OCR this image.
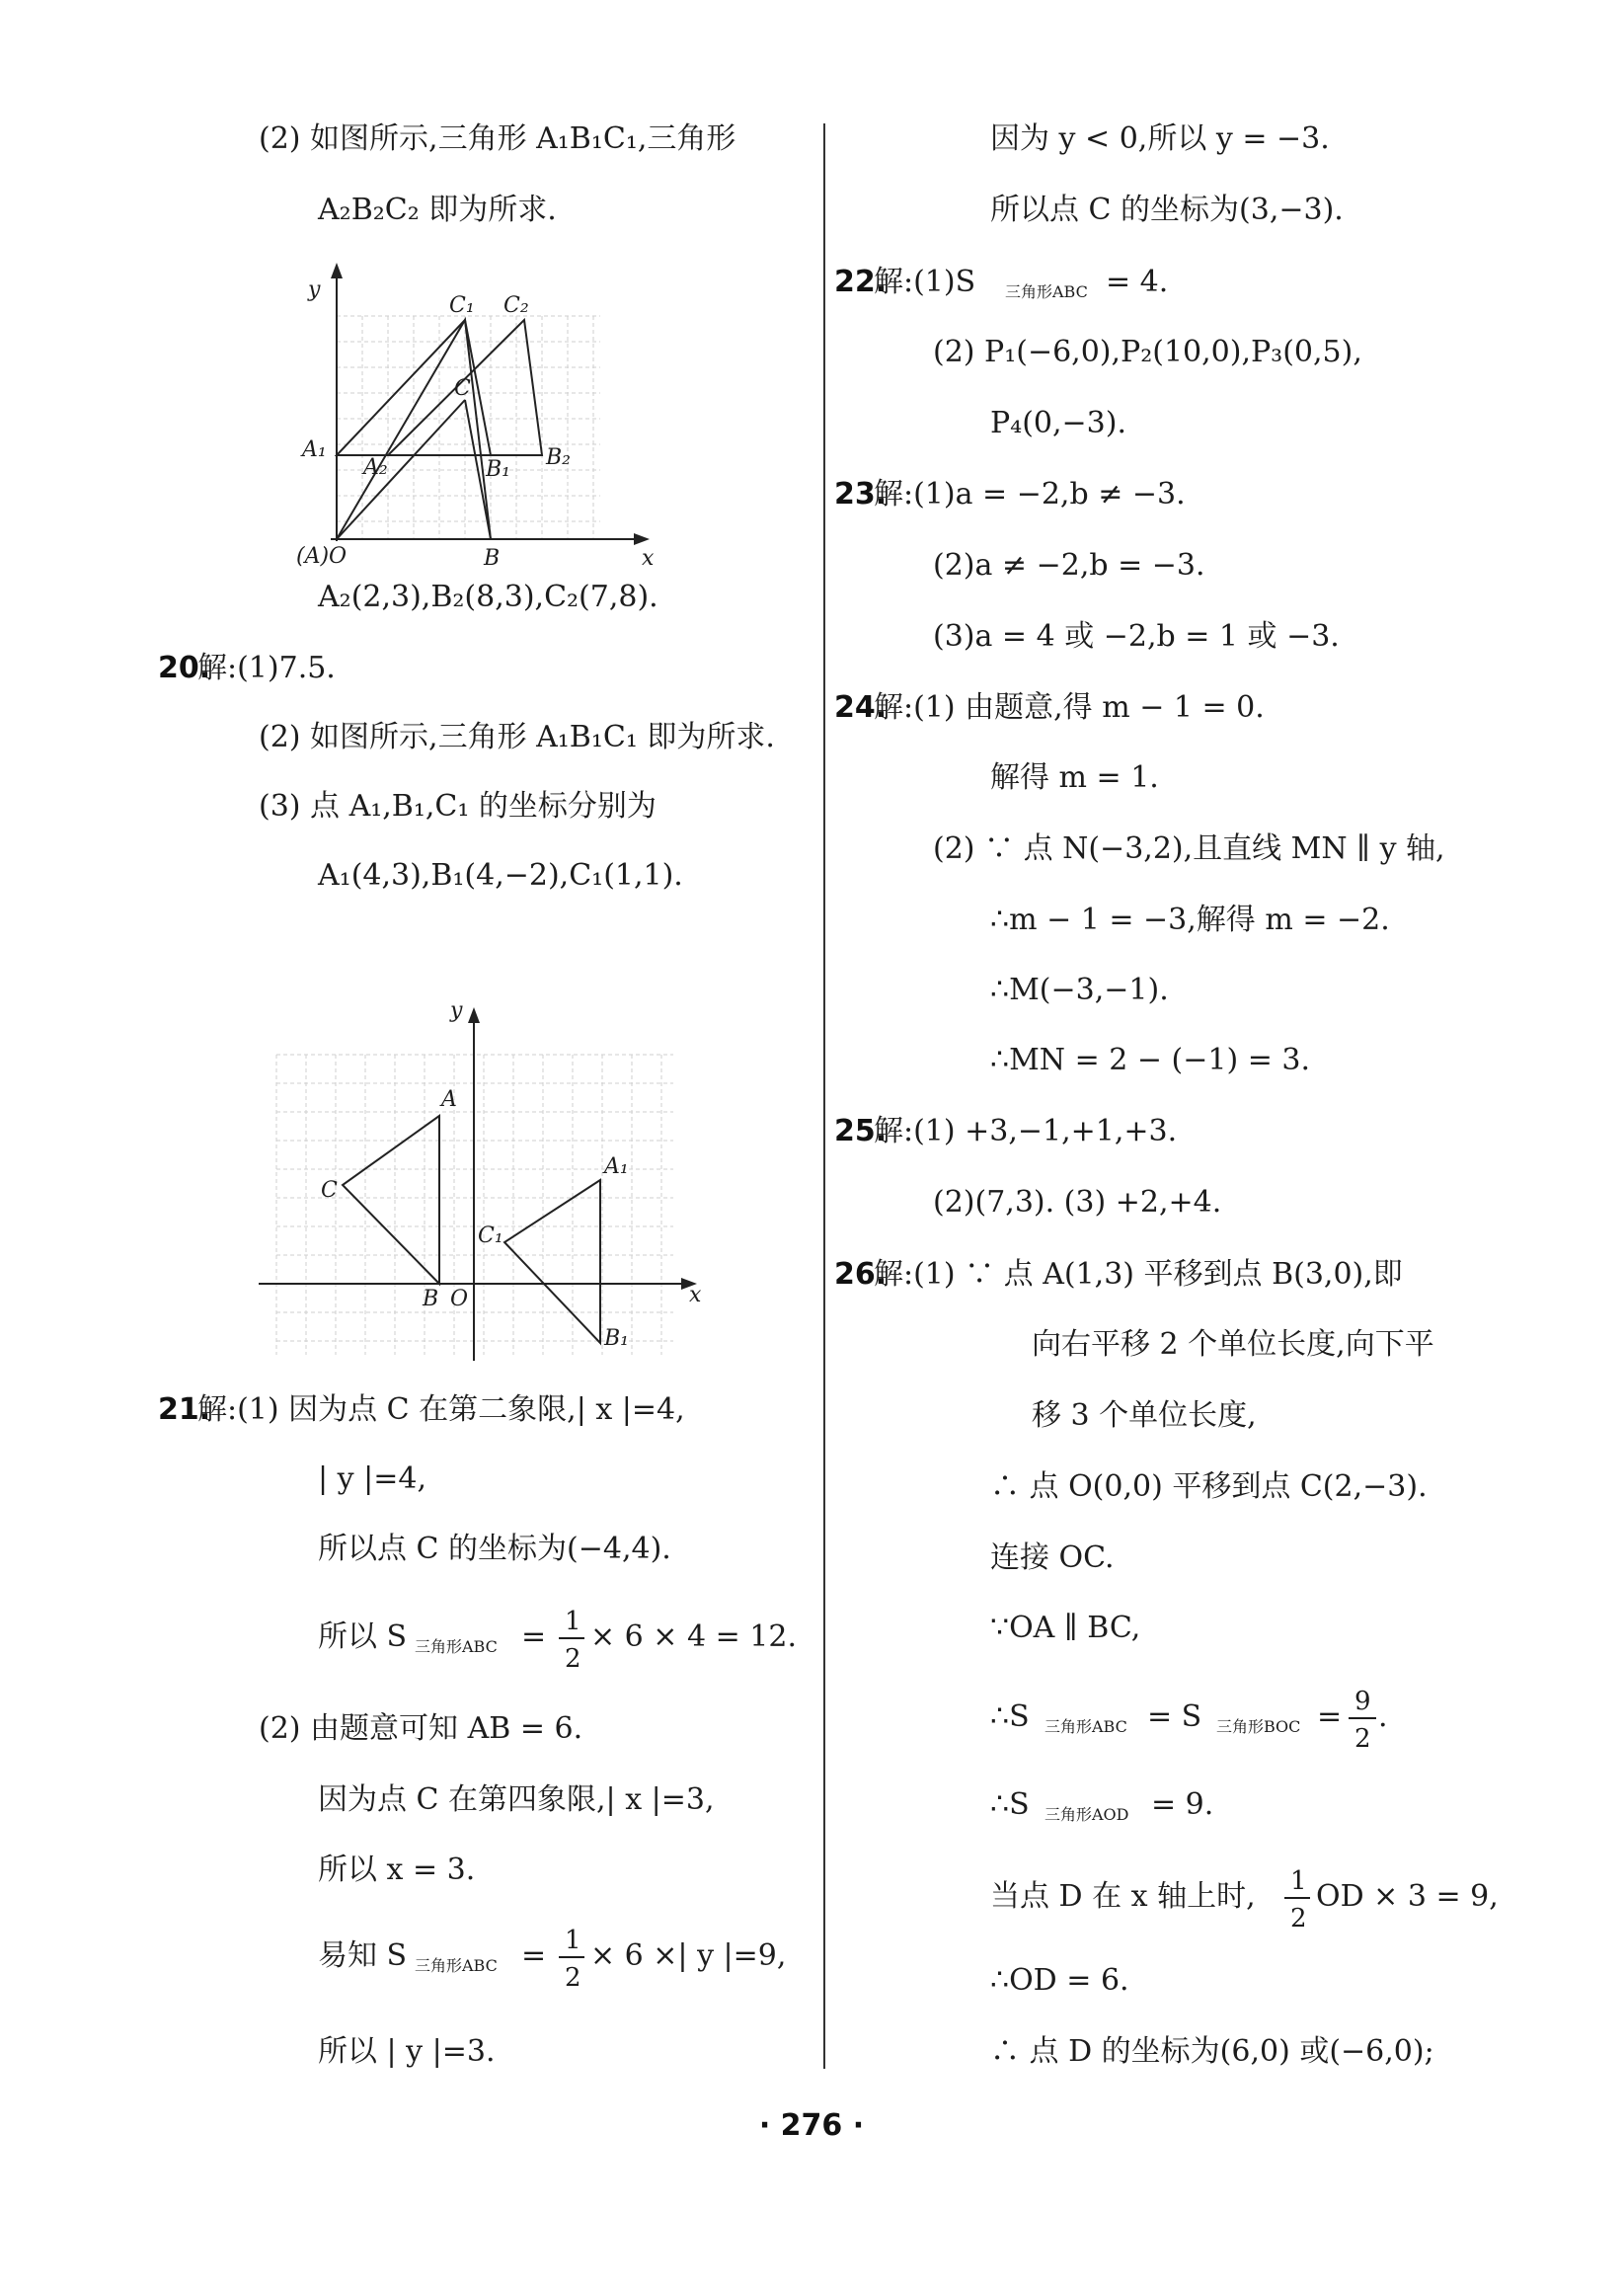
(2) 如图所示,三角形 A₁B₁C₁,三角形
A₂B₂C₂ 即为所求.
y
x
(A)O
C₁ C₂
C
A₁
A₂	B₁ B₂
B
A₂(2,3),B₂(8,3),C₂(7,8).
20.
解:(1)7.5.
(2) 如图所示,三角形 A₁B₁C₁ 即为所求.
(3) 点 A₁,B₁,C₁ 的坐标分别为
A₁(4,3),B₁(4,−2),C₁(1,1).
y
x
O
A
C
B
A₁
C₁
B₁
21.
解:(1) 因为点 C 在第二象限,| x |=4,
| y |=4,
所以点 C 的坐标为(−4,4).
所以 S 三角形ABC = 1
2
× 6 × 4 = 12.
(2) 由题意可知 AB = 6.
因为点 C 在第四象限,| x |=3,
所以 x = 3.
易知 S 三角形ABC = 1
2
× 6 ×| y |=9,
所以 | y |=3.
因为 y < 0,所以 y = −3.
所以点 C 的坐标为(3,−3).
22.
解:(1)S 三角形ABC = 4.
(2) P₁(−6,0),P₂(10,0),P₃(0,5),
P₄(0,−3).
23.
解:(1)a = −2,b ≠ −3.
(2)a ≠ −2,b = −3.
(3)a = 4 或 −2,b = 1 或 −3.
24.
解:(1) 由题意,得 m − 1 = 0.
解得 m = 1.
(2) ∵ 点 N(−3,2),且直线 MN ∥ y 轴,
∴m − 1 = −3,解得 m = −2.
∴M(−3,−1).
∴MN = 2 − (−1) = 3.
25.
解:(1) +3,−1,+1,+3.
(2)(7,3). (3) +2,+4.
26.
解:(1) ∵ 点 A(1,3) 平移到点 B(3,0),即
向右平移 2 个单位长度,向下平
移 3 个单位长度,
∴ 点 O(0,0) 平移到点 C(2,−3).
连接 OC.
∵OA ∥ BC,
∴S 三角形ABC = S 三角形BOC = 9
2
.
∴S 三角形AOD = 9.
当点 D 在 x 轴上时, 1
2
OD × 3 = 9,
∴OD = 6.
∴ 点 D 的坐标为(6,0) 或(−6,0);
· 276 ·
